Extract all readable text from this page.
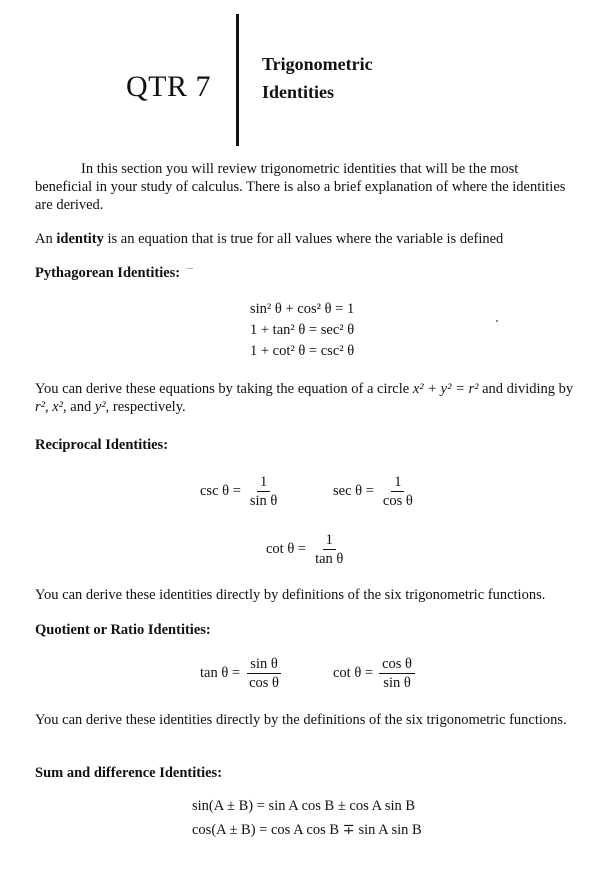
QTR 7
Trigonometric
Identities
In this section you will review trigonometric identities that will be the most beneficial in your study of calculus. There is also a brief explanation of where the identities are derived.
An identity is an equation that is true for all values where the variable is defined
Pythagorean Identities:
sin² θ + cos² θ = 1
1 + tan² θ = sec² θ
1 + cot² θ = csc² θ
You can derive these equations by taking the equation of a circle x² + y² = r² and dividing by r², x², and y², respectively.
Reciprocal Identities:
$\csc \theta = \frac{1}{\text{sin θ}}$	$\sec \theta = \frac{1}{\text{cos θ}}$
$\cot \theta = \frac{1}{\text{tan θ}}$
You can derive these identities directly by definitions of the six trigonometric functions.
Quotient or Ratio Identities:
$\tan \theta = \frac{\text{sin θ}}{\text{cos θ}}$	$\cot \theta = \frac{\text{cos θ}}{\text{sin θ}}$
You can derive these identities directly by the definitions of the six trigonometric functions.
Sum and difference Identities:
sin(A ± B) = sin A cos B ± cos A sin B
cos(A ± B) = cos A cos B ∓ sin A sin B
